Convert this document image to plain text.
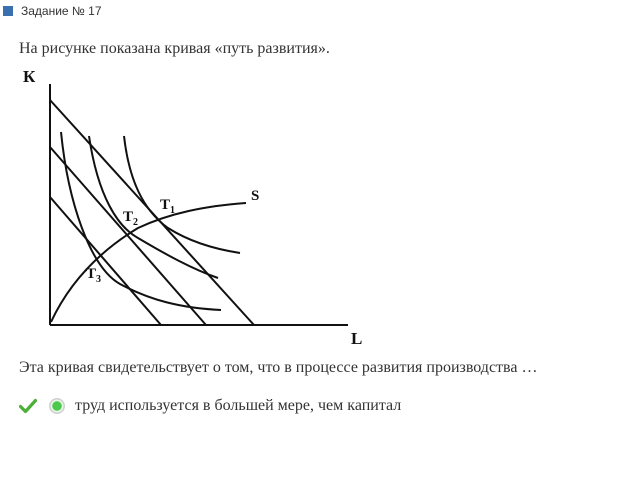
Задание № 17
На рисунке показана кривая «путь развития».
К
L
S
$T_1$
$T_2$
$T_3$
Эта кривая свидетельствует о том, что в процессе развития производства …
труд используется в большей мере, чем капитал
